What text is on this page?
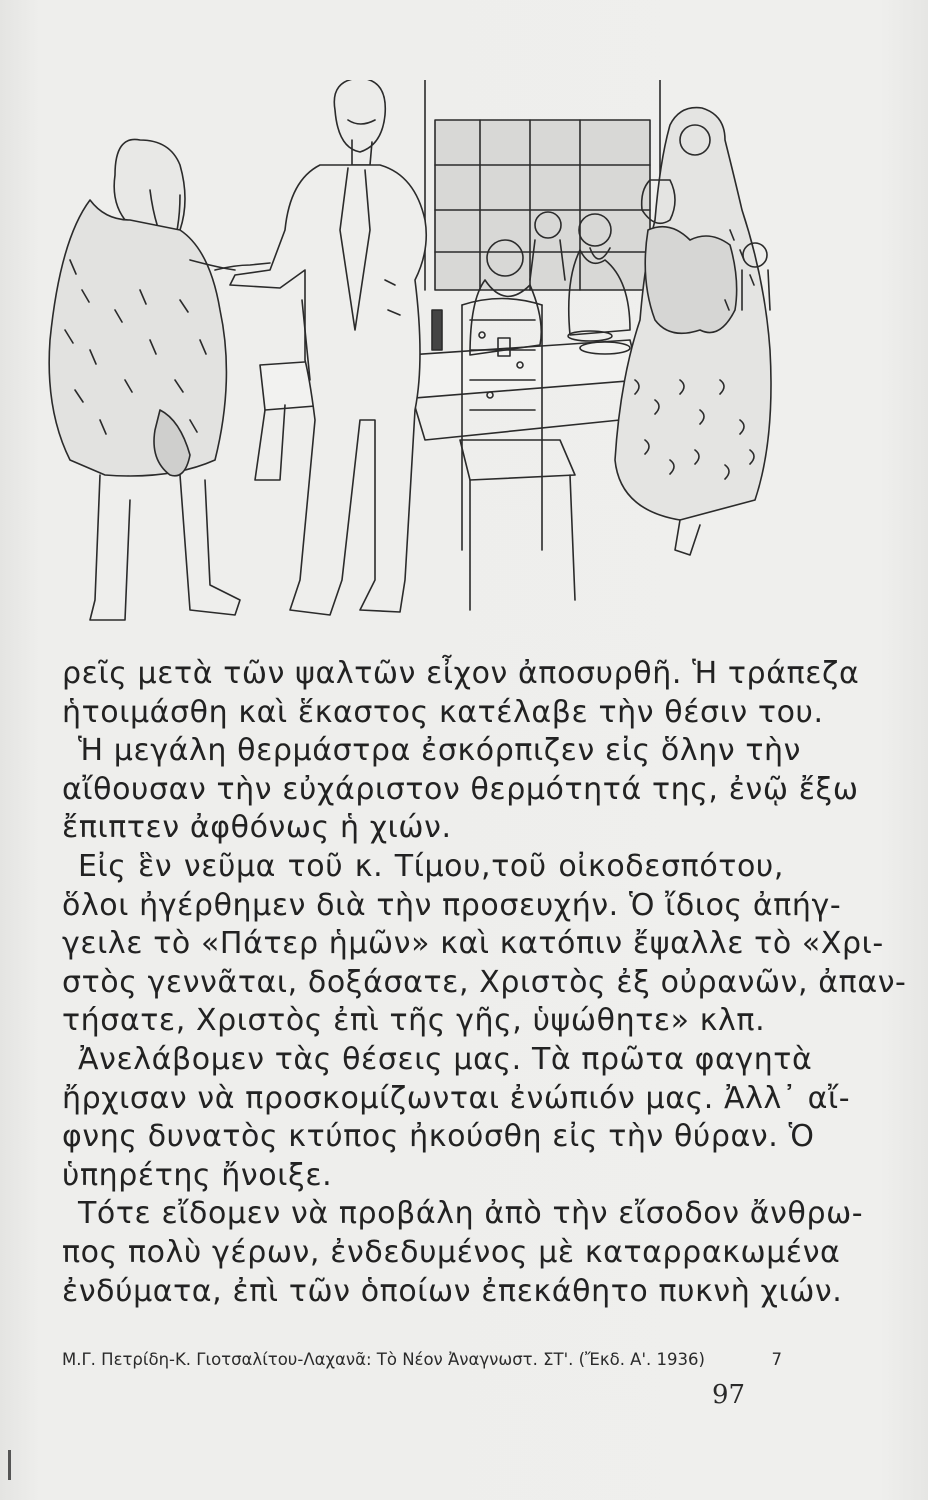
ρεῖς μετὰ τῶν ψαλτῶν εἶχον ἀποσυρθῆ. Ἡ τράπεζα
ἡτοιμάσθη καὶ ἕκαστος κατέλαβε τὴν θέσιν του.
Ἡ μεγάλη θερμάστρα ἐσκόρπιζεν εἰς ὅλην τὴν
αἴθουσαν τὴν εὐχάριστον θερμότητά της, ἐνῷ ἔξω
ἔπιπτεν ἀφθόνως ἡ χιών.
Εἰς ἓν νεῦμα τοῦ κ. Τίμου,τοῦ οἰκοδεσπότου,
ὅλοι ἠγέρθημεν διὰ τὴν προσευχήν. Ὁ ἴδιος ἀπήγ-
γειλε τὸ «Πάτερ ἡμῶν» καὶ κατόπιν ἔψαλλε τὸ «Χρι-
στὸς γεννᾶται, δοξάσατε, Χριστὸς ἐξ οὐρανῶν, ἀπαν-
τήσατε, Χριστὸς ἐπὶ τῆς γῆς, ὑψώθητε» κλπ.
Ἀνελάβομεν τὰς θέσεις μας. Τὰ πρῶτα φαγητὰ
ἤρχισαν νὰ προσκομίζωνται ἐνώπιόν μας. Ἀλλ᾽ αἴ-
φνης δυνατὸς κτύπος ἠκούσθη εἰς τὴν θύραν. Ὁ
ὑπηρέτης ἤνοιξε.
Τότε εἴδομεν νὰ προβάλη ἀπὸ τὴν εἴσοδον ἄνθρω-
πος πολὺ γέρων, ἐνδεδυμένος μὲ καταρρακωμένα
ἐνδύματα, ἐπὶ τῶν ὁποίων ἐπεκάθητο πυκνὴ χιών.
Μ.Γ. Πετρίδη-Κ. Γιοτσαλίτου-Λαχανᾶ: Τὸ Νέον Ἀναγνωστ. ΣΤ'. (Ἔκδ. Α'. 1936)	7
97
